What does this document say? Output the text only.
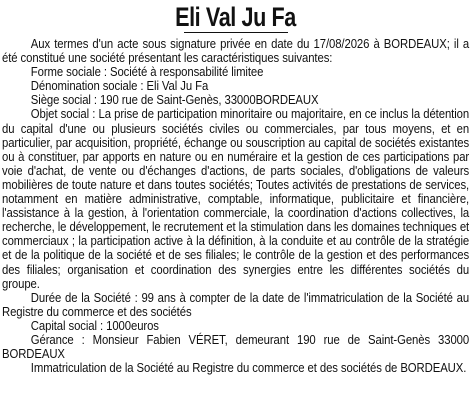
Eli Val Ju Fa

Aux termes d'un acte sous signature privée en date du 17/08/2026 à BORDEAUX; il a été constitué une société présentant les caractéristiques suivantes:

Forme sociale : Société à responsabilité limitee

Dénomination sociale : Eli Val Ju Fa

Siège social : 190 rue de Saint-Genès, 33000BORDEAUX

Objet social : La prise de participation minoritaire ou majoritaire, en ce inclus la détention du capital d'une ou plusieurs sociétés civiles ou commerciales, par tous moyens, et en particulier, par acquisition, propriété, échange ou souscription au capital de sociétés existantes ou à constituer, par apports en nature ou en numéraire et la gestion de ces participations par voie d'achat, de vente ou d'échanges d'actions, de parts sociales, d'obligations de valeurs mobilières de toute nature et dans toutes sociétés; Toutes activités de prestations de services, notamment en matière administrative, comptable, informatique, publicitaire et financière, l'assistance à la gestion, à l'orientation commerciale, la coordination d'actions collectives, la recherche, le développement, le recrutement et la stimulation dans les domaines techniques et commerciaux ; la participation active à la définition, à la conduite et au contrôle de la stratégie et de la politique de la société et de ses filiales; le contrôle de la gestion et des performances des filiales; organisation et coordination des synergies entre les différentes sociétés du groupe.

Durée de la Société : 99 ans à compter de la date de l'immatriculation de la Société au Registre du commerce et des sociétés

Capital social : 1000euros

Gérance : Monsieur Fabien VÉRET, demeurant 190 rue de Saint-Genès 33000 BORDEAUX

Immatriculation de la Société au Registre du commerce et des sociétés de BORDEAUX.
